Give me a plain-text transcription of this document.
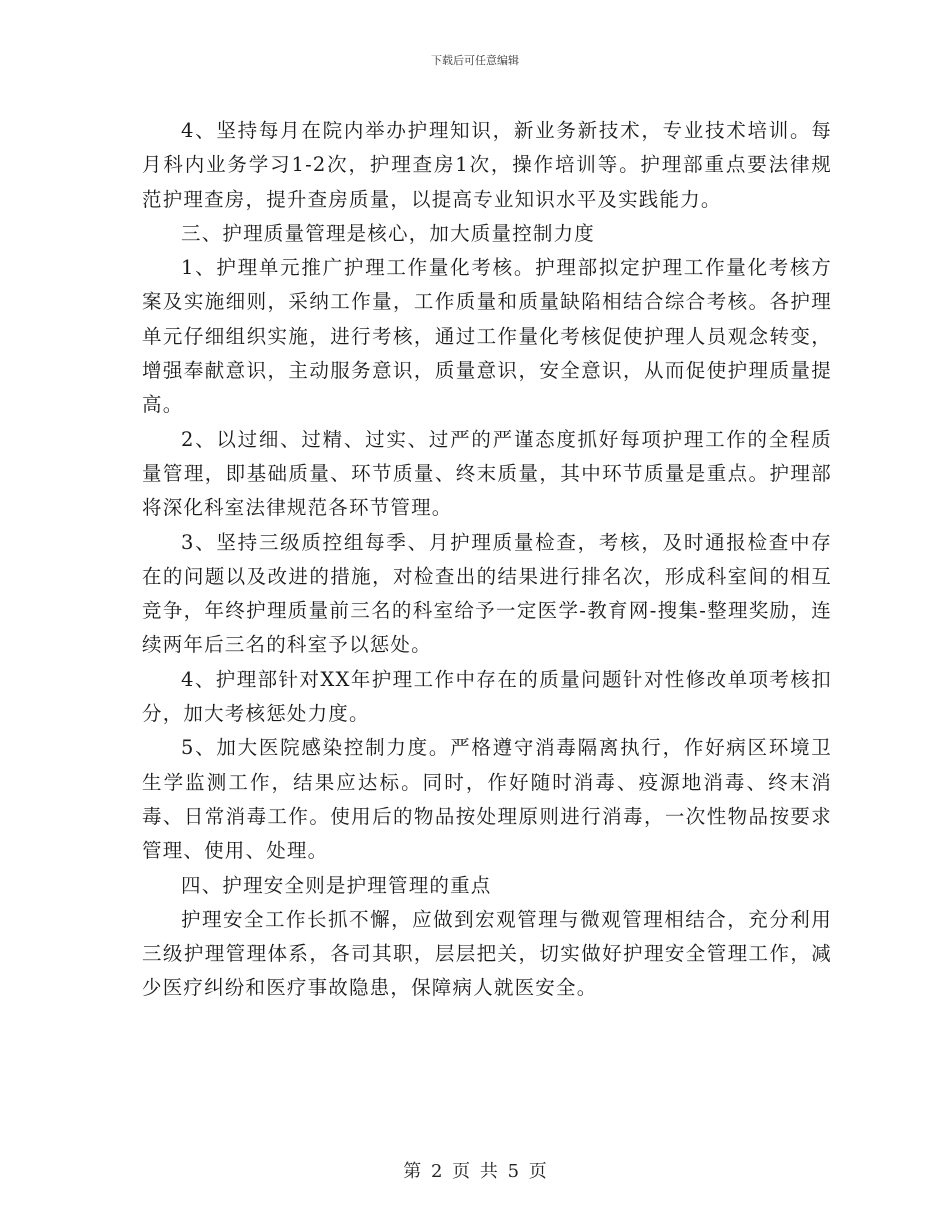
下载后可任意编辑

4、坚持每月在院内举办护理知识，新业务新技术，专业技术培训。每月科内业务学习1-2次，护理查房1次，操作培训等。护理部重点要法律规范护理查房，提升查房质量，以提高专业知识水平及实践能力。

三、护理质量管理是核心，加大质量控制力度

1、护理单元推广护理工作量化考核。护理部拟定护理工作量化考核方案及实施细则，采纳工作量，工作质量和质量缺陷相结合综合考核。各护理单元仔细组织实施，进行考核，通过工作量化考核促使护理人员观念转变，增强奉献意识，主动服务意识，质量意识，安全意识，从而促使护理质量提高。

2、以过细、过精、过实、过严的严谨态度抓好每项护理工作的全程质量管理，即基础质量、环节质量、终末质量，其中环节质量是重点。护理部将深化科室法律规范各环节管理。

3、坚持三级质控组每季、月护理质量检查，考核，及时通报检查中存在的问题以及改进的措施，对检查出的结果进行排名次，形成科室间的相互竞争，年终护理质量前三名的科室给予一定医学-教育网-搜集-整理奖励，连续两年后三名的科室予以惩处。

4、护理部针对XX年护理工作中存在的质量问题针对性修改单项考核扣分，加大考核惩处力度。

5、加大医院感染控制力度。严格遵守消毒隔离执行，作好病区环境卫生学监测工作，结果应达标。同时，作好随时消毒、疫源地消毒、终末消毒、日常消毒工作。使用后的物品按处理原则进行消毒，一次性物品按要求管理、使用、处理。

四、护理安全则是护理管理的重点

护理安全工作长抓不懈，应做到宏观管理与微观管理相结合，充分利用三级护理管理体系，各司其职，层层把关，切实做好护理安全管理工作，减少医疗纠纷和医疗事故隐患，保障病人就医安全。

第 2 页 共 5 页
